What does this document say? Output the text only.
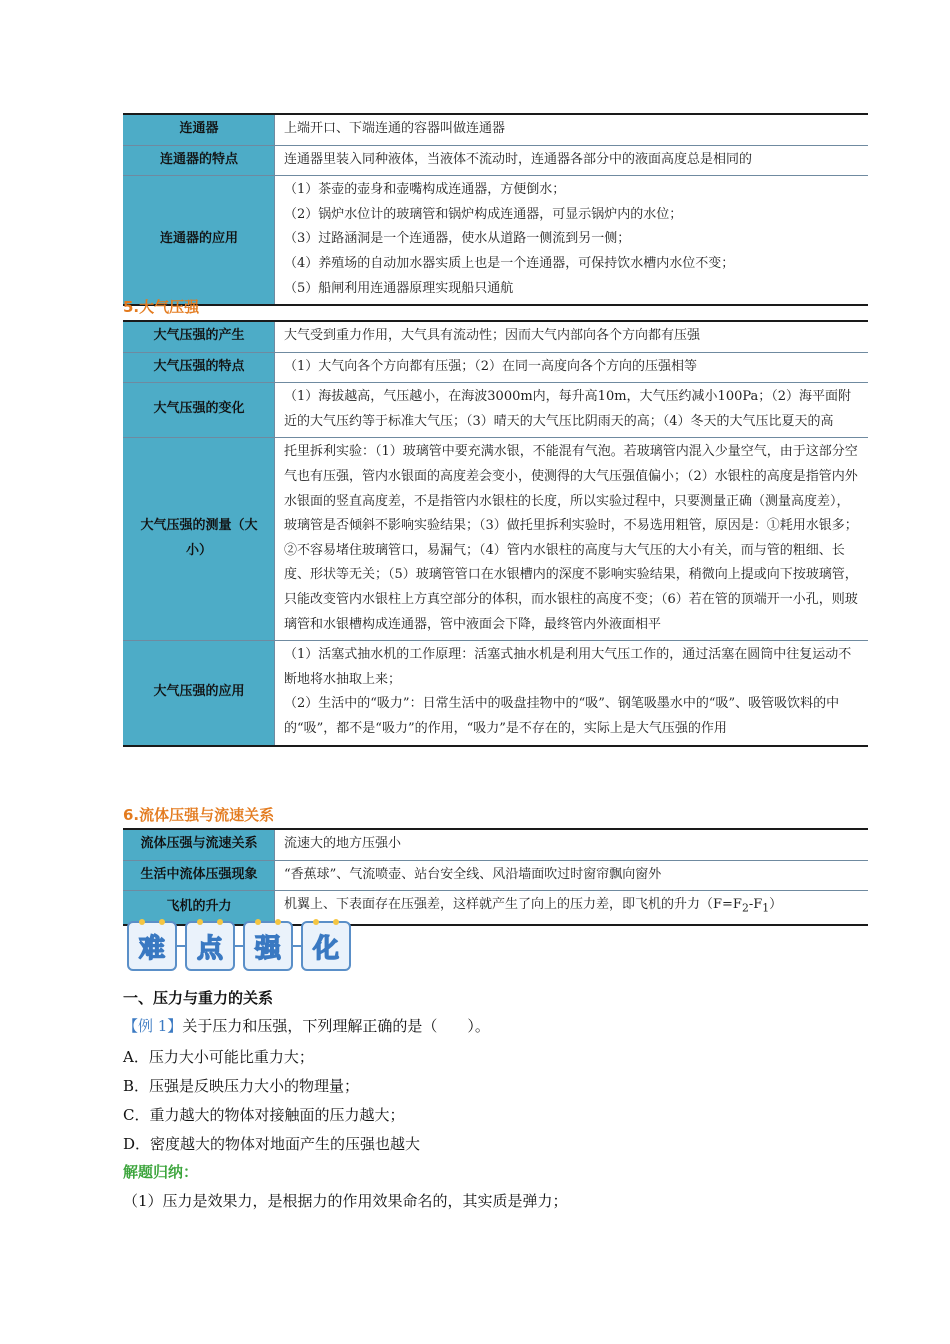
连通器	上端开口、下端连通的容器叫做连通器
连通器的特点	连通器里装入同种液体，当液体不流动时，连通器各部分中的液面高度总是相同的
连通器的应用	（1）茶壶的壶身和壶嘴构成连通器，方便倒水；
（2）锅炉水位计的玻璃管和锅炉构成连通器，可显示锅炉内的水位；
（3）过路涵洞是一个连通器，使水从道路一侧流到另一侧；
（4）养殖场的自动加水器实质上也是一个连通器，可保持饮水槽内水位不变；
（5）船闸利用连通器原理实现船只通航
5.大气压强
大气压强的产生	大气受到重力作用，大气具有流动性；因而大气内部向各个方向都有压强
大气压强的特点	（1）大气向各个方向都有压强；（2）在同一高度向各个方向的压强相等
大气压强的变化	（1）海拔越高，气压越小，在海波3000m内，每升高10m，大气压约减小100Pa；（2）海平面附近的大气压约等于标准大气压；（3）晴天的大气压比阴雨天的高；（4）冬天的大气压比夏天的高
大气压强的测量（大小）	托里拆利实验：（1）玻璃管中要充满水银，不能混有气泡。若玻璃管内混入少量空气，由于这部分空气也有压强，管内水银面的高度差会变小，使测得的大气压强值偏小；（2）水银柱的高度是指管内外水银面的竖直高度差，不是指管内水银柱的长度，所以实验过程中，只要测量正确（测量高度差），玻璃管是否倾斜不影响实验结果；（3）做托里拆利实验时，不易选用粗管，原因是：①耗用水银多；②不容易堵住玻璃管口，易漏气；（4）管内水银柱的高度与大气压的大小有关，而与管的粗细、长度、形状等无关；（5）玻璃管管口在水银槽内的深度不影响实验结果，稍微向上提或向下按玻璃管，只能改变管内水银柱上方真空部分的体积，而水银柱的高度不变；（6）若在管的顶端开一小孔，则玻璃管和水银槽构成连通器，管中液面会下降，最终管内外液面相平
大气压强的应用	（1）活塞式抽水机的工作原理：活塞式抽水机是利用大气压工作的，通过活塞在圆筒中往复运动不断地将水抽取上来；
（2）生活中的“吸力”：日常生活中的吸盘挂物中的“吸”、钢笔吸墨水中的“吸”、吸管吸饮料的中的“吸”，都不是“吸力”的作用，“吸力”是不存在的，实际上是大气压强的作用
6.流体压强与流速关系
流体压强与流速关系	流速大的地方压强小
生活中流体压强现象	“香蕉球”、气流喷壶、站台安全线、风沿墙面吹过时窗帘飘向窗外
飞机的升力	机翼上、下表面存在压强差，这样就产生了向上的压力差，即飞机的升力$(F=F_2-F_1)$
难 点 强 化
一、压力与重力的关系
【例 1】关于压力和压强，下列理解正确的是（　　）。
A．压力大小可能比重力大；
B．压强是反映压力大小的物理量；
C．重力越大的物体对接触面的压力越大；
D．密度越大的物体对地面产生的压强也越大
解题归纳：
（1）压力是效果力，是根据力的作用效果命名的，其实质是弹力；
